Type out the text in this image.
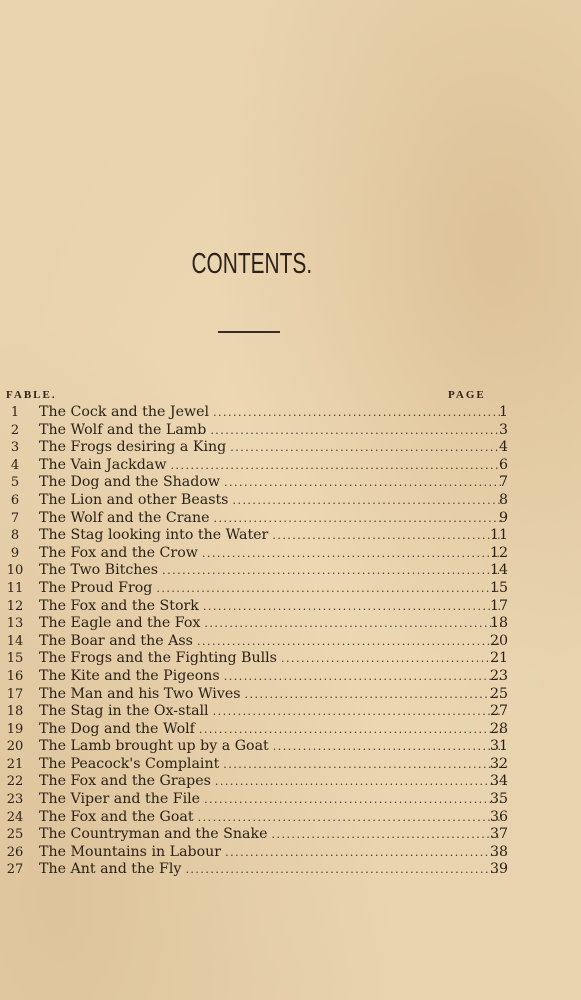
CONTENTS.
FABLE.	PAGE
1	The Cock and the Jewel . . .	1
2	The Wolf and the Lamb . . .	3
3	The Frogs desiring a King . . .	4
4	The Vain Jackdaw . . .	6
5	The Dog and the Shadow . . .	7
6	The Lion and other Beasts . . .	8
7	The Wolf and the Crane . . .	9
8	The Stag looking into the Water . . .	11
9	The Fox and the Crow . . .	12
10	The Two Bitches . . .	14
11	The Proud Frog . . .	15
12	The Fox and the Stork . . .	17
13	The Eagle and the Fox . . .	18
14	The Boar and the Ass . . .	20
15	The Frogs and the Fighting Bulls . . .	21
16	The Kite and the Pigeons . . .	23
17	The Man and his Two Wives . . .	25
18	The Stag in the Ox-stall . . .	27
19	The Dog and the Wolf . . .	28
20	The Lamb brought up by a Goat . . .	31
21	The Peacock's Complaint . . .	32
22	The Fox and the Grapes . . .	34
23	The Viper and the File . . .	35
24	The Fox and the Goat . . .	36
25	The Countryman and the Snake . . .	37
26	The Mountains in Labour . . .	38
27	The Ant and the Fly . . .	39
